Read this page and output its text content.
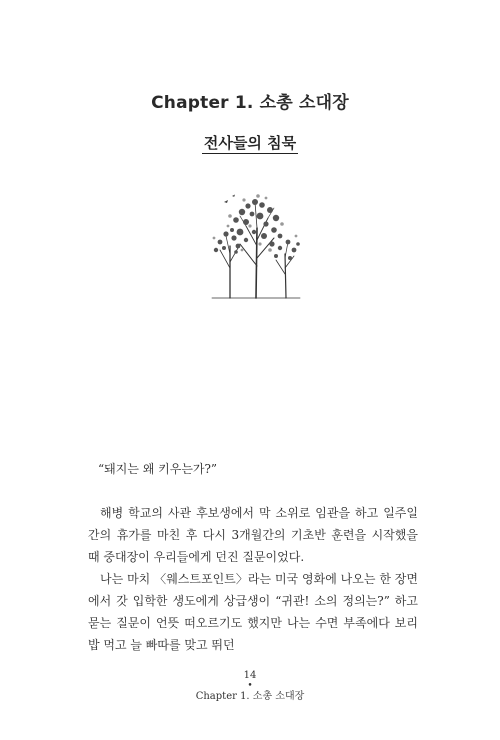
Chapter 1. 소총 소대장
전사들의 침묵

“돼지는 왜 키우는가?”

해병 학교의 사관 후보생에서 막 소위로 임관을 하고 일주일간의 휴가를 마친 후 다시 3개월간의 기초반 훈련을 시작했을 때 중대장이 우리들에게 던진 질문이었다.

나는 마치 〈웨스트포인트〉라는 미국 영화에 나오는 한 장면에서 갓 입학한 생도에게 상급생이 “귀관! 소의 정의는?” 하고 묻는 질문이 언뜻 떠오르기도 했지만 나는 수면 부족에다 보리밥 먹고 늘 빠따를 맞고 뛰던

14
•
Chapter 1. 소총 소대장
